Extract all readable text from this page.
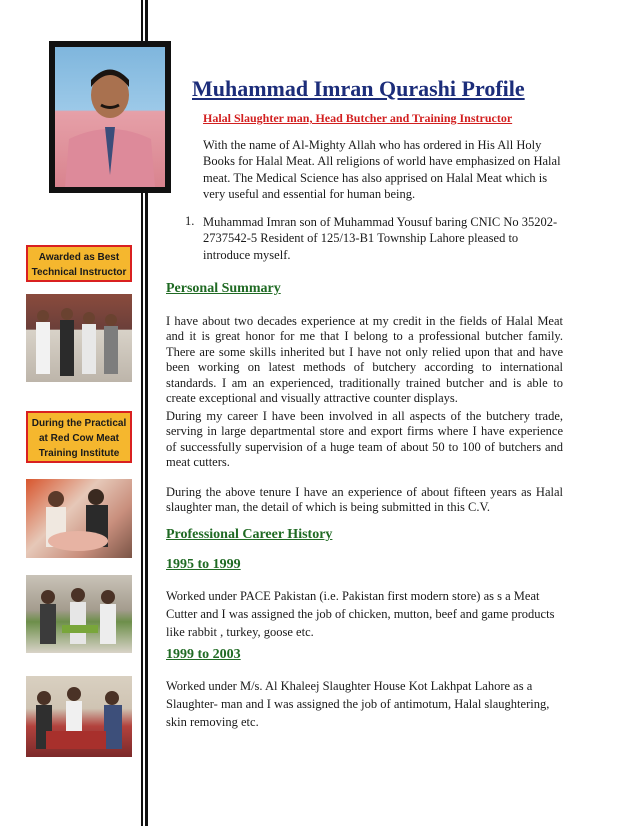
Muhammad Imran Qurashi Profile
Halal Slaughter man, Head Butcher and Training Instructor
With the name of Al-Mighty Allah who has ordered in His All Holy Books for Halal Meat. All religions of world have emphasized on Halal meat. The Medical Science has also apprised on Halal Meat which is very useful and essential for human being.
1. Muhammad Imran son of Muhammad Yousuf baring CNIC No 35202-2737542-5 Resident of 125/13-B1 Township Lahore pleased to introduce myself.
Awarded as Best Technical Instructor
During the Practical at Red Cow Meat Training Institute
Personal Summary
I have about two decades experience at my credit in the fields of Halal Meat and it is great honor for me that I belong to a professional butcher family. There are some skills inherited but I have not only relied upon that and have been working on latest methods of butchery according to international standards. I am an experienced, traditionally trained butcher and is able to create exceptional and visually attractive counter displays.
During my career I have been involved in all aspects of the butchery trade, serving in large departmental store and export firms where I have experience of successfully supervision of a huge team of about 50 to 100 of butchers and meat cutters.
During the above tenure I have an experience of about fifteen years as Halal slaughter man, the detail of which is being submitted in this C.V.
Professional Career History
1995 to 1999
Worked under PACE Pakistan (i.e. Pakistan first modern store) as s a Meat Cutter and I was assigned the job of chicken, mutton, beef and game products like rabbit , turkey, goose etc.
1999 to 2003
Worked under M/s. Al Khaleej Slaughter House Kot Lakhpat Lahore as a Slaughter- man and I was assigned the job of antimotum, Halal slaughtering, skin removing etc.
